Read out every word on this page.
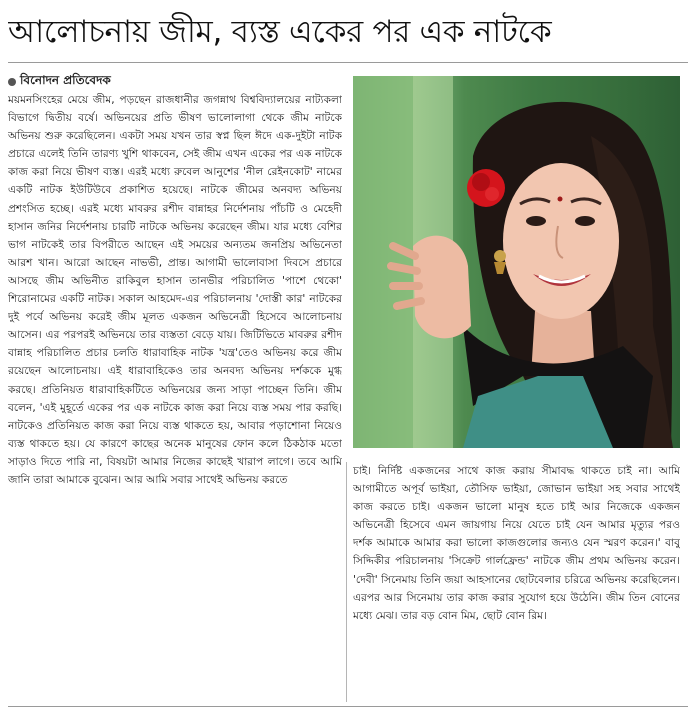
আলোচনায় জীম, ব্যস্ত একের পর এক নাটকে
বিনোদন প্রতিবেদক
ময়মনসিংহের মেয়ে জীম, পড়ছেন রাজধানীর জগন্নাথ বিশ্ববিদ্যালয়ের নাট্যকলা বিভাগে দ্বিতীয় বর্ষে। অভিনয়ের প্রতি ভীষণ ভালোলাগা থেকে জীম নাটকে অভিনয় শুরু করেছিলেন। একটা সময় যখন তার স্বপ্ন ছিল ঈদে এক-দুইটা নাটক প্রচারে এলেই তিনি তারণ্য খুশি থাকবেন, সেই জীম এখন একের পর এক নাটকে কাজ করা নিয়ে ভীষণ ব্যস্ত। এরই মধ্যে রুবেল আনুশের 'নীল রেইনকোট' নামের একটি নাটক ইউটিউবে প্রকাশিত হয়েছে। নাটকে জীমের অনবদ্য অভিনয় প্রশংসিত হচ্ছে। এরই মধ্যে মাবরুর রশীদ বান্নাহর নির্দেশনায় পাঁচটি ও মেহেদী হাসান জনির নির্দেশনায় চারটি নাটকে অভিনয় করেছেন জীম। যার মধ্যে বেশির ভাগ নাটকেই তার বিপরীতে আছেন এই সময়ের অন্যতম জনপ্রিয় অভিনেতা আরশ খান। আরো আছেন নাভভী, প্রান্ত। আগামী ভালোবাসা দিবসে প্রচারে আসছে জীম অভিনীত রাকিবুল হাসান তানভীর পরিচালিত 'পাশে থেকো' শিরোনামের একটি নাটক। সকাল আহমেদ-এর পরিচালনায় 'দোস্তী কার' নাটকের দুই পর্বে অভিনয় করেই জীম মূলত একজন অভিনেত্রী হিসেবে আলোচনায় আসেন। এর পরপরই অভিনয়ে তার ব্যস্ততা বেড়ে যায়। জিটিভিতে মাবরুর রশীদ বান্নাহ পরিচালিত প্রচার চলতি ধারাবাহিক নাটক 'যন্ত্র'তেও অভিনয় করে জীম রয়েছেন আলোচনায়। এই ধারাবাহিকেও তার অনবদ্য অভিনয় দর্শককে মুগ্ধ করছে। প্রতিনিয়ত ধারাবাহিকটিতে অভিনয়ের জন্য সাড়া পাচ্ছেন তিনি। জীম বলেন, 'এই মুহূর্তে একের পর এক নাটকে কাজ করা নিয়ে ব্যস্ত সময় পার করছি। নাটকেও প্রতিনিয়ত কাজ করা নিয়ে ব্যস্ত থাকতে হয়, আবার পড়াশোনা নিয়েও ব্যস্ত থাকতে হয়। যে কারণে কাছের অনেক মানুষের ফোন কলে ঠিকঠাক মতো সাড়াও দিতে পারি না, বিষয়টা আমার নিজের কাছেই খারাপ লাগে। তবে আমি জানি তারা আমাকে বুঝেন। আর আমি সবার সাথেই অভিনয় করতে
চাই। নির্দিষ্ট একজনের সাথে কাজ করায় সীমাবদ্ধ থাকতে চাই না। আমি আগামীতে অপূর্ব ভাইয়া, তৌসিফ ভাইয়া, জোভান ভাইয়া সহ সবার সাথেই কাজ করতে চাই। একজন ভালো মানুষ হতে চাই আর নিজেকে একজন অভিনেত্রী হিসেবে এমন জায়গায় নিয়ে যেতে চাই যেন আমার মৃত্যুর পরও দর্শক আমাকে আমার করা ভালো কাজগুলোর জন্যও যেন স্মরণ করেন।' বাবু সিদ্দিকীর পরিচালনায় 'সিক্রেট গার্লফ্রেন্ড' নাটকে জীম প্রথম অভিনয় করেন। 'দেবী' সিনেমায় তিনি জয়া আহসানের ছোটবেলার চরিত্রে অভিনয় করেছিলেন। এরপর আর সিনেমায় তার কাজ করার সুযোগ হয়ে উঠেনি। জীম তিন বোনের মধ্যে মেঝ। তার বড় বোন মিম, ছোট বোন রিম।
